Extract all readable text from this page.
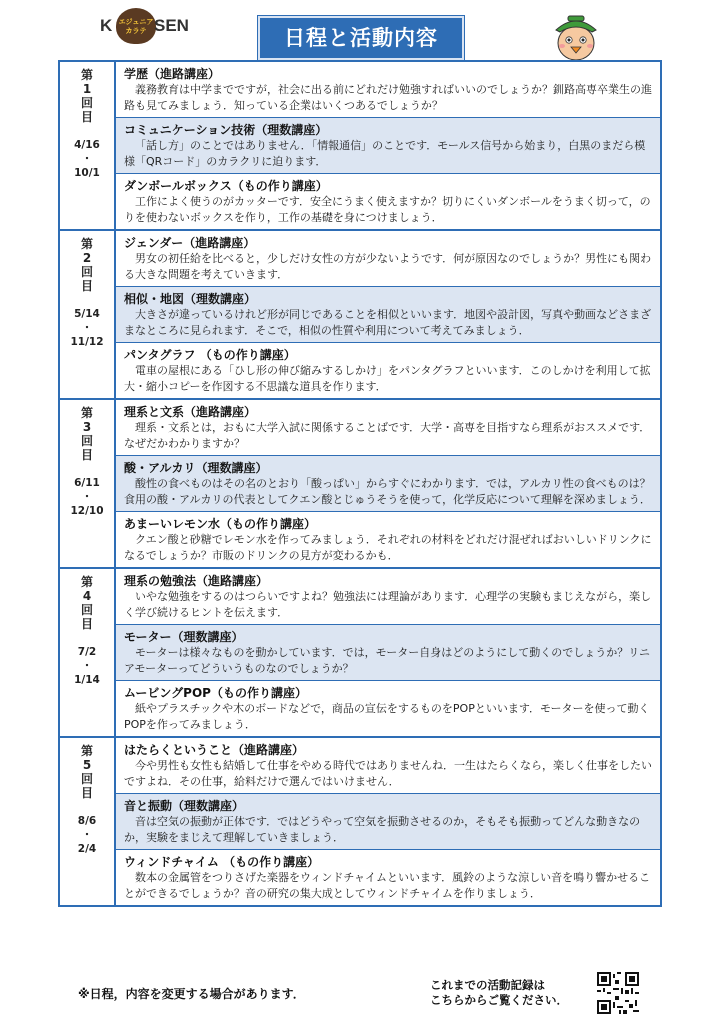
K エジュニア カラテ SEN
日程と活動内容
第
1
回
目
4/16
・
10/1
学歴（進路講座）
義務教育は中学までですが，社会に出る前にどれだけ勉強すればいいのでしょうか？釧路高専卒業生の進路も見てみましょう．知っている企業はいくつあるでしょうか？
コミュニケーション技術（理数講座）
「話し方」のことではありません．「情報通信」のことです．モールス信号から始まり，白黒のまだら模様「QRコード」のカラクリに迫ります．
ダンボールボックス（もの作り講座）
工作によく使うのがカッターです．安全にうまく使えますか？切りにくいダンボールをうまく切って，のりを使わないボックスを作り，工作の基礎を身につけましょう．
第
2
回
目
5/14
・
11/12
ジェンダー（進路講座）
男女の初任給を比べると，少しだけ女性の方が少ないようです．何が原因なのでしょうか？男性にも関わる大きな問題を考えていきます．
相似・地図（理数講座）
大きさが違っているけれど形が同じであることを相似といいます．地図や設計図，写真や動画などさまざまなところに見られます．そこで，相似の性質や利用について考えてみましょう．
パンタグラフ （もの作り講座）
電車の屋根にある「ひし形の伸び縮みするしかけ」をパンタグラフといいます．このしかけを利用して拡大・縮小コピーを作図する不思議な道具を作ります．
第
3
回
目
6/11
・
12/10
理系と文系（進路講座）
理系・文系とは，おもに大学入試に関係することばです．大学・高専を目指すなら理系がおススメです．なぜだかわかりますか？
酸・アルカリ（理数講座）
酸性の食べものはその名のとおり「酸っぱい」からすぐにわかります．では，アルカリ性の食べものは？食用の酸・アルカリの代表としてクエン酸とじゅうそうを使って，化学反応について理解を深めましょう．
あまーいレモン水（もの作り講座）
クエン酸と砂糖でレモン水を作ってみましょう．それぞれの材料をどれだけ混ぜればおいしいドリンクになるでしょうか？市販のドリンクの見方が変わるかも．
第
4
回
目
7/2
・
1/14
理系の勉強法（進路講座）
いやな勉強をするのはつらいですよね？勉強法には理論があります．心理学の実験もまじえながら，楽しく学び続けるヒントを伝えます．
モーター（理数講座）
モーターは様々なものを動かしています．では，モーター自身はどのようにして動くのでしょうか？リニアモーターってどういうものなのでしょうか？
ムービングPOP（もの作り講座）
紙やプラスチックや木のボードなどで，商品の宣伝をするものをPOPといいます．モーターを使って動くPOPを作ってみましょう．
第
5
回
目
8/6
・
2/4
はたらくということ（進路講座）
今や男性も女性も結婚して仕事をやめる時代ではありませんね．一生はたらくなら，楽しく仕事をしたいですよね．その仕事，給料だけで選んではいけません．
音と振動（理数講座）
音は空気の振動が正体です．ではどうやって空気を振動させるのか，そもそも振動ってどんな動きなのか，実験をまじえて理解していきましょう．
ウィンドチャイム （もの作り講座）
数本の金属管をつりさげた楽器をウィンドチャイムといいます．風鈴のような涼しい音を鳴り響かせることができるでしょうか？音の研究の集大成としてウィンドチャイムを作りましょう．
※日程，内容を変更する場合があります．
これまでの活動記録は
こちらからご覧ください．
